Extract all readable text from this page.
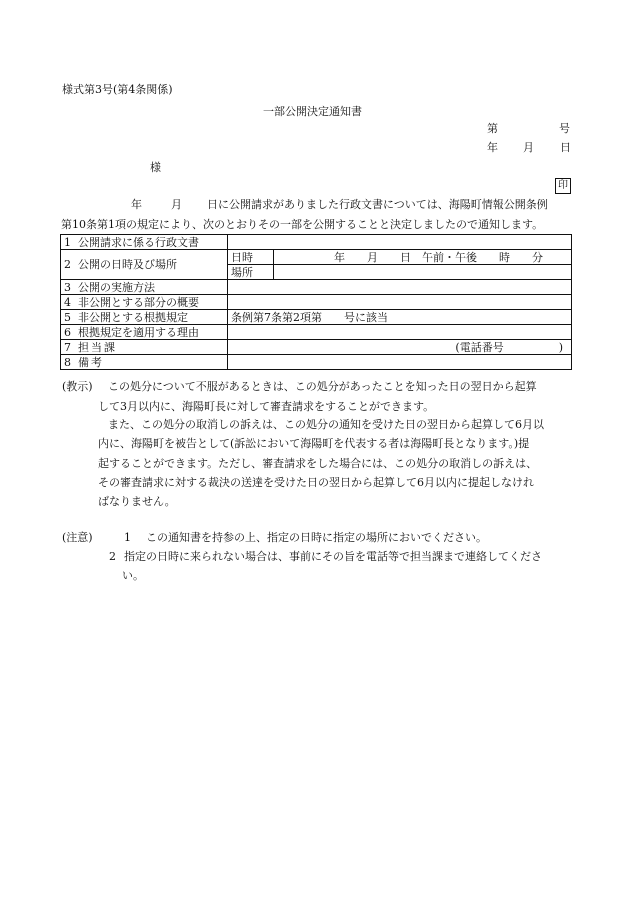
様式第3号(第4条関係)
一部公開決定通知書
第	号
年 月 日
様
印
年	月 日に公開請求がありました行政文書については、海陽町情報公開条例
第10条第1項の規定により、次のとおりその一部を公開することと決定しましたので通知します。
1 公開請求に係る行政文書		
2 公開の日時及び場所	日時	年　　月　　日　午前・午後　　時　　分
	場所	
3 公開の実施方法		
4 非公開とする部分の概要		
5 非公開とする根拠規定	条例第7条第2項第　　号に該当	
6 根拠規定を適用する理由		
7 担当課	(電話番号　　　　　)	
8 備考		
(教示) この処分について不服があるときは、この処分があったことを知った日の翌日から起算
して3月以内に、海陽町長に対して審査請求をすることができます。
また、この処分の取消しの訴えは、この処分の通知を受けた日の翌日から起算して6月以
内に、海陽町を被告として(訴訟において海陽町を代表する者は海陽町長となります。)提
起することができます。ただし、審査請求をした場合には、この処分の取消しの訴えは、
その審査請求に対する裁決の送達を受けた日の翌日から起算して6月以内に提起しなけれ
ばなりません。
(注意)	1 この通知書を持参の上、指定の日時に指定の場所においでください。
2 指定の日時に来られない場合は、事前にその旨を電話等で担当課まで連絡してくださ
い。
